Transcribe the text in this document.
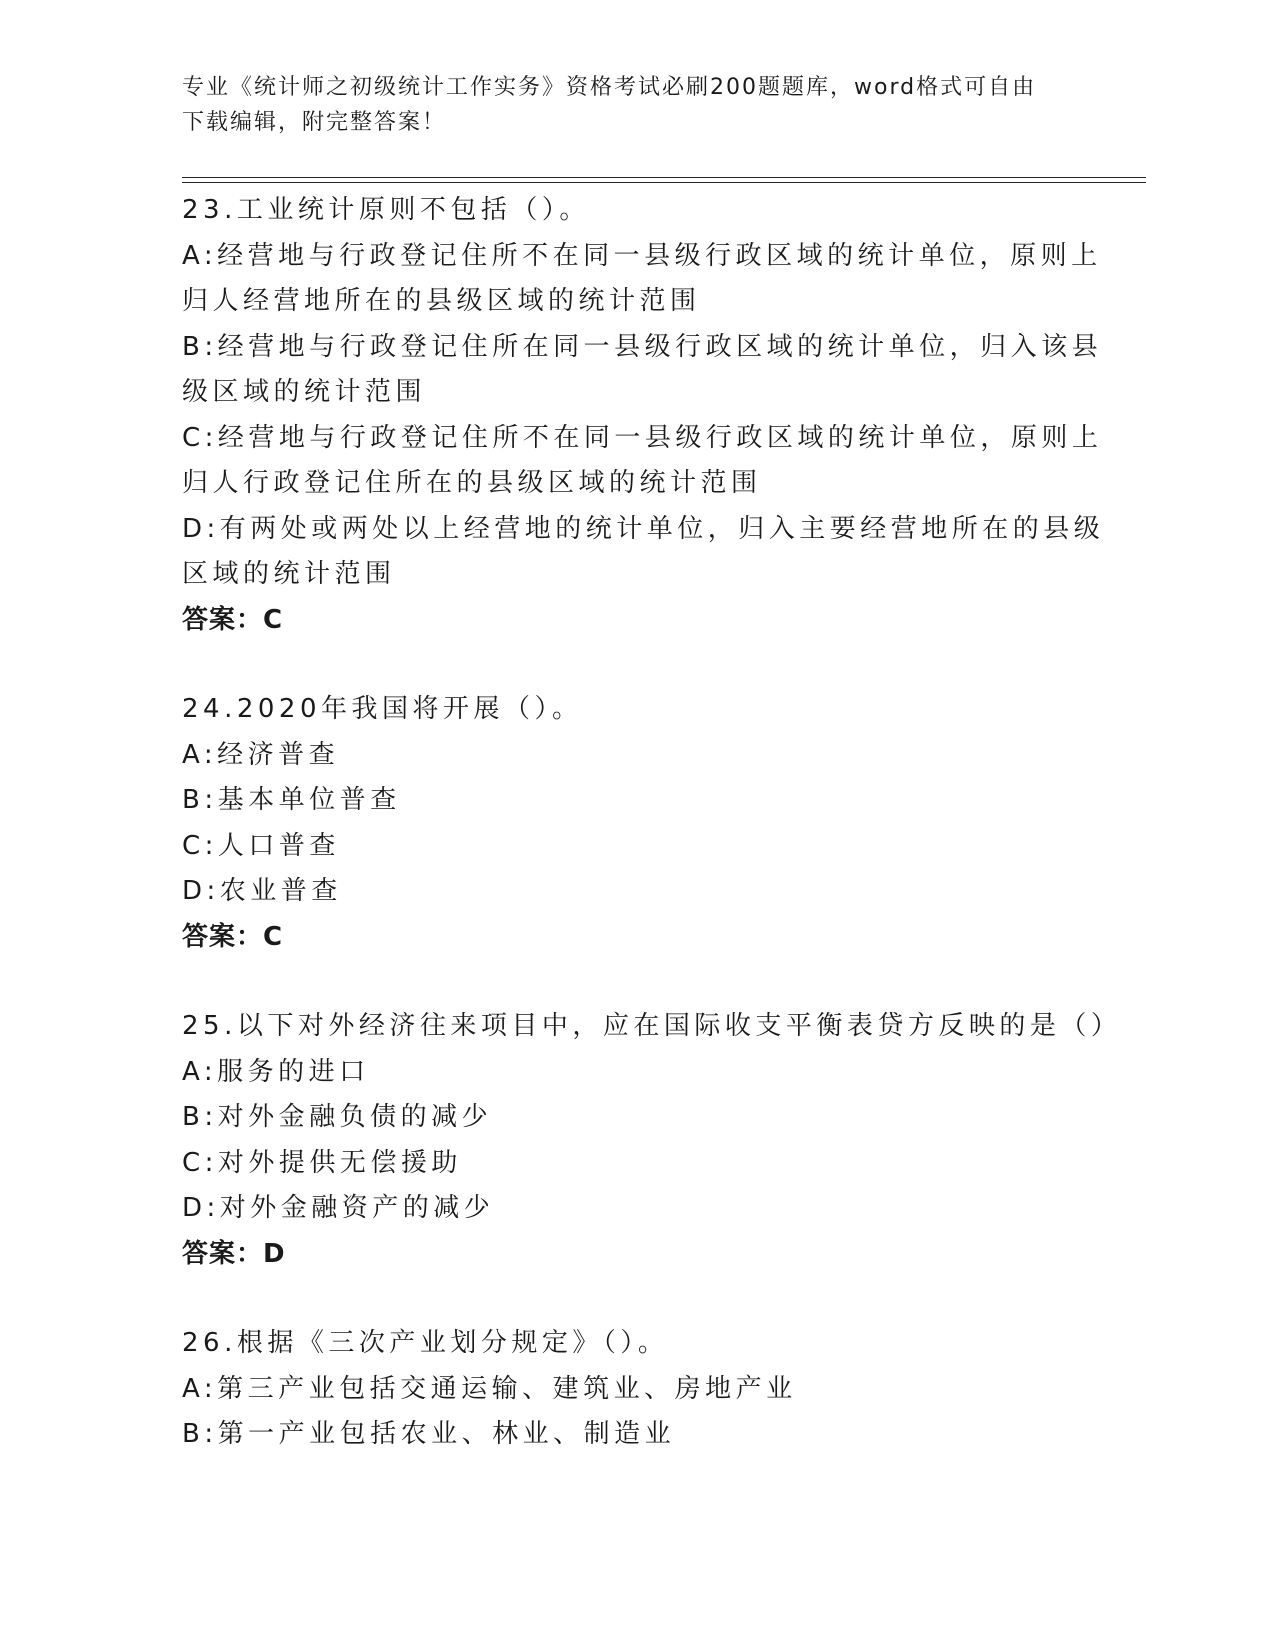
专业《统计师之初级统计工作实务》资格考试必刷200题题库，word格式可自由
下载编辑，附完整答案！
23.工业统计原则不包括（）。
A:经营地与行政登记住所不在同一县级行政区域的统计单位，原则上
归人经营地所在的县级区域的统计范围
B:经营地与行政登记住所在同一县级行政区域的统计单位，归入该县
级区域的统计范围
C:经营地与行政登记住所不在同一县级行政区域的统计单位，原则上
归人行政登记住所在的县级区域的统计范围
D:有两处或两处以上经营地的统计单位，归入主要经营地所在的县级
区域的统计范围
答案：C
24.2020年我国将开展（）。
A:经济普查
B:基本单位普查
C:人口普查
D:农业普查
答案：C
25.以下对外经济往来项目中，应在国际收支平衡表贷方反映的是（）
A:服务的进口
B:对外金融负债的减少
C:对外提供无偿援助
D:对外金融资产的减少
答案：D
26.根据《三次产业划分规定》（）。
A:第三产业包括交通运输、建筑业、房地产业
B:第一产业包括农业、林业、制造业
